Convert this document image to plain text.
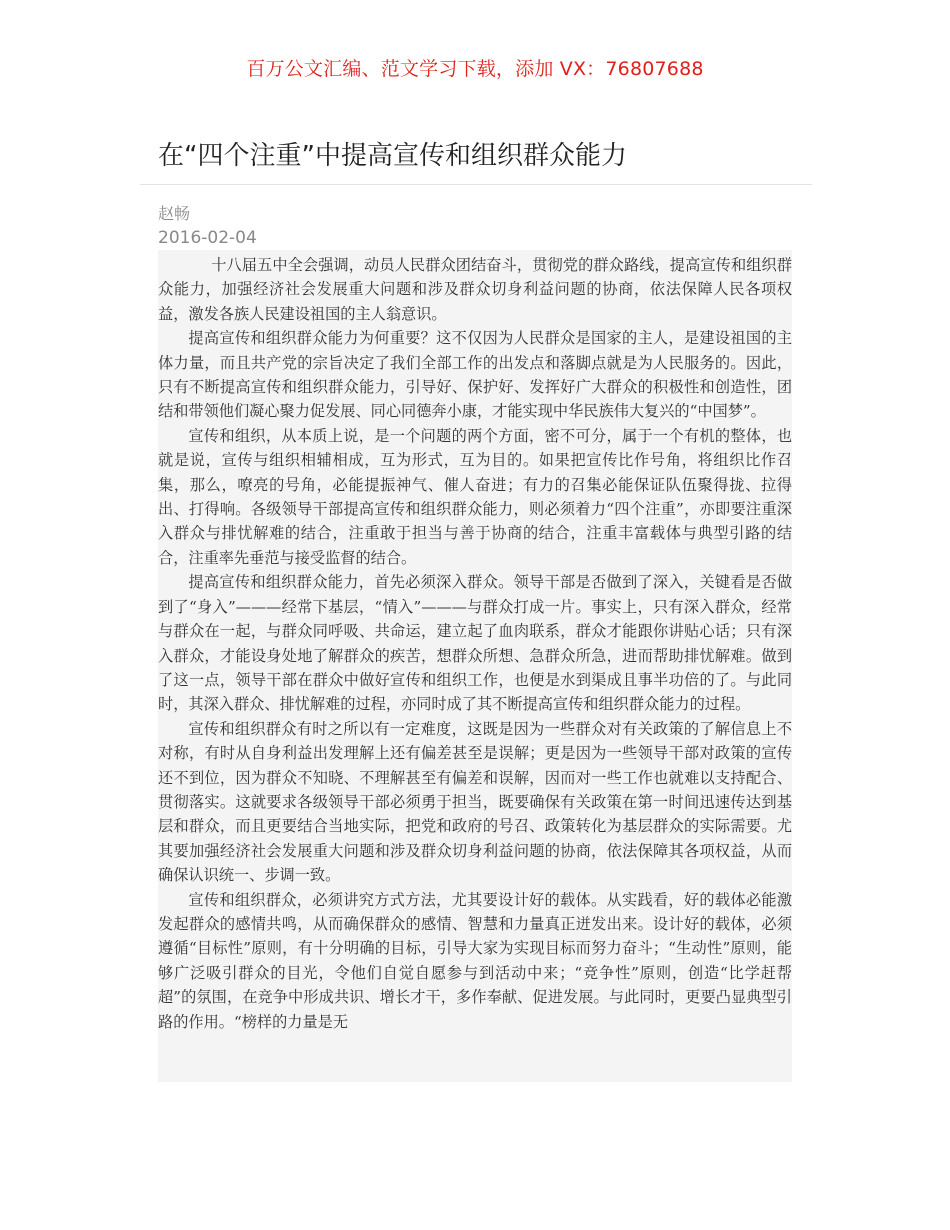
百万公文汇编、范文学习下载，添加 VX：76807688
在“四个注重”中提高宣传和组织群众能力
赵畅
2016-02-04

十八届五中全会强调，动员人民群众团结奋斗，贯彻党的群众路线，提高宣传和组织群众能力，加强经济社会发展重大问题和涉及群众切身利益问题的协商，依法保障人民各项权益，激发各族人民建设祖国的主人翁意识。

提高宣传和组织群众能力为何重要？这不仅因为人民群众是国家的主人，是建设祖国的主体力量，而且共产党的宗旨决定了我们全部工作的出发点和落脚点就是为人民服务的。因此，只有不断提高宣传和组织群众能力，引导好、保护好、发挥好广大群众的积极性和创造性，团结和带领他们凝心聚力促发展、同心同德奔小康，才能实现中华民族伟大复兴的“中国梦”。

宣传和组织，从本质上说，是一个问题的两个方面，密不可分，属于一个有机的整体，也就是说，宣传与组织相辅相成，互为形式，互为目的。如果把宣传比作号角，将组织比作召集，那么，嘹亮的号角，必能提振神气、催人奋进；有力的召集必能保证队伍聚得拢、拉得出、打得响。各级领导干部提高宣传和组织群众能力，则必须着力“四个注重”，亦即要注重深入群众与排忧解难的结合，注重敢于担当与善于协商的结合，注重丰富载体与典型引路的结合，注重率先垂范与接受监督的结合。

提高宣传和组织群众能力，首先必须深入群众。领导干部是否做到了深入，关键看是否做到了“身入”———经常下基层，“情入”———与群众打成一片。事实上，只有深入群众，经常与群众在一起，与群众同呼吸、共命运，建立起了血肉联系，群众才能跟你讲贴心话；只有深入群众，才能设身处地了解群众的疾苦，想群众所想、急群众所急，进而帮助排忧解难。做到了这一点，领导干部在群众中做好宣传和组织工作，也便是水到渠成且事半功倍的了。与此同时，其深入群众、排忧解难的过程，亦同时成了其不断提高宣传和组织群众能力的过程。

宣传和组织群众有时之所以有一定难度，这既是因为一些群众对有关政策的了解信息上不对称，有时从自身利益出发理解上还有偏差甚至是误解；更是因为一些领导干部对政策的宣传还不到位，因为群众不知晓、不理解甚至有偏差和误解，因而对一些工作也就难以支持配合、贯彻落实。这就要求各级领导干部必须勇于担当，既要确保有关政策在第一时间迅速传达到基层和群众，而且更要结合当地实际，把党和政府的号召、政策转化为基层群众的实际需要。尤其要加强经济社会发展重大问题和涉及群众切身利益问题的协商，依法保障其各项权益，从而确保认识统一、步调一致。

宣传和组织群众，必须讲究方式方法，尤其要设计好的载体。从实践看，好的载体必能激发起群众的感情共鸣，从而确保群众的感情、智慧和力量真正迸发出来。设计好的载体，必须遵循“目标性”原则，有十分明确的目标，引导大家为实现目标而努力奋斗；“生动性”原则，能够广泛吸引群众的目光，令他们自觉自愿参与到活动中来；“竞争性”原则，创造“比学赶帮超”的氛围，在竞争中形成共识、增长才干，多作奉献、促进发展。与此同时，更要凸显典型引路的作用。“榜样的力量是无
